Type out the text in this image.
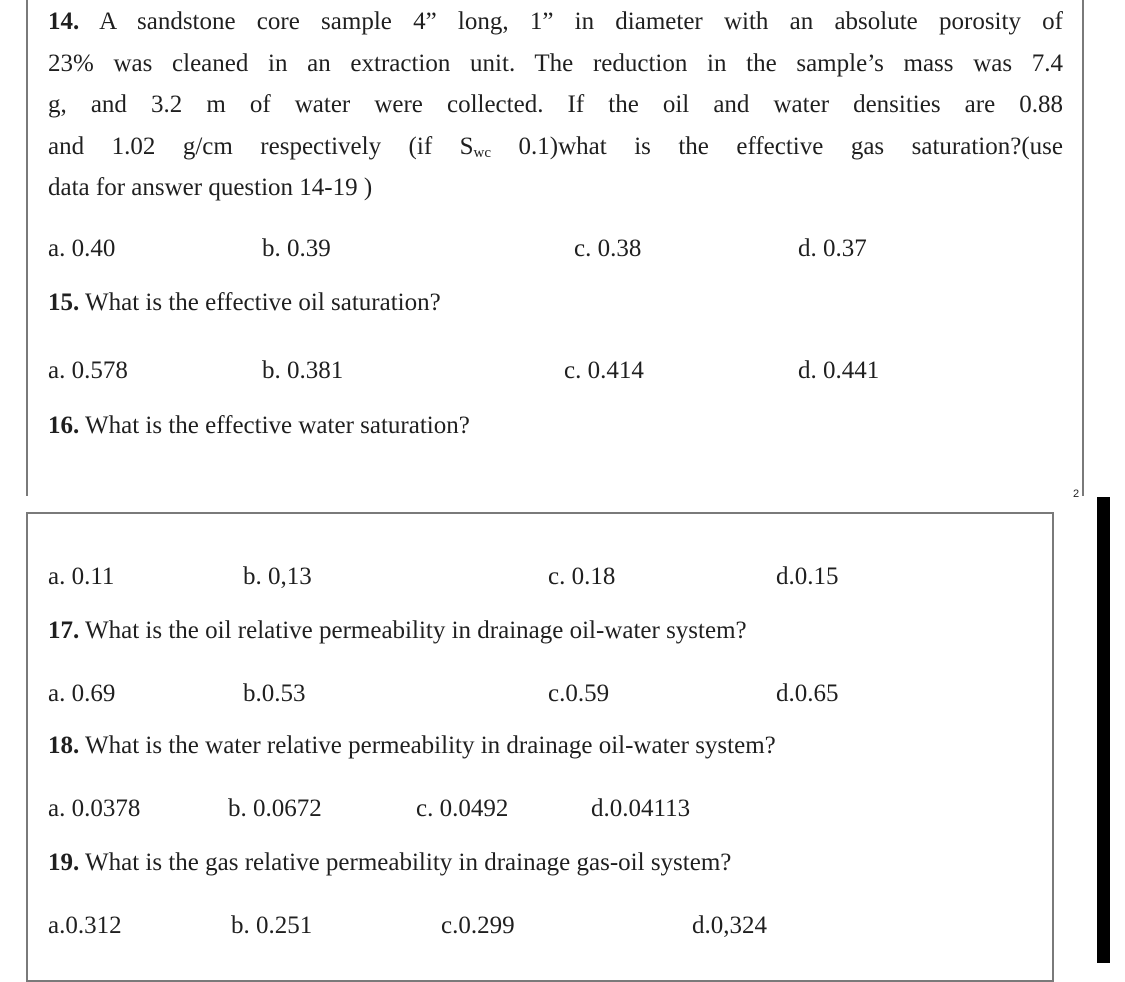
2
14. A sandstone core sample 4” long, 1” in diameter with an absolute porosity of
23% was cleaned in an extraction unit. The reduction in the sample’s mass was 7.4
g, and 3.2 m of water were collected. If the oil and water densities are 0.88
and 1.02 g/cm respectively (if $S_{wc}$ 0.1)what is the effective gas saturation?(use
data for answer question 14-19 )
a. 0.40	b. 0.39	c. 0.38	d. 0.37
15. What is the effective oil saturation?
a. 0.578	b. 0.381	c. 0.414	d. 0.441
16. What is the effective water saturation?
a. 0.11	b. 0,13	c. 0.18	d.0.15
17. What is the oil relative permeability in drainage oil-water system?
a. 0.69	b.0.53	c.0.59	d.0.65
18. What is the water relative permeability in drainage oil-water system?
a. 0.0378	b. 0.0672	c. 0.0492	d.0.04113
19. What is the gas relative permeability in drainage gas-oil system?
a.0.312	b. 0.251	c.0.299	d.0,324
